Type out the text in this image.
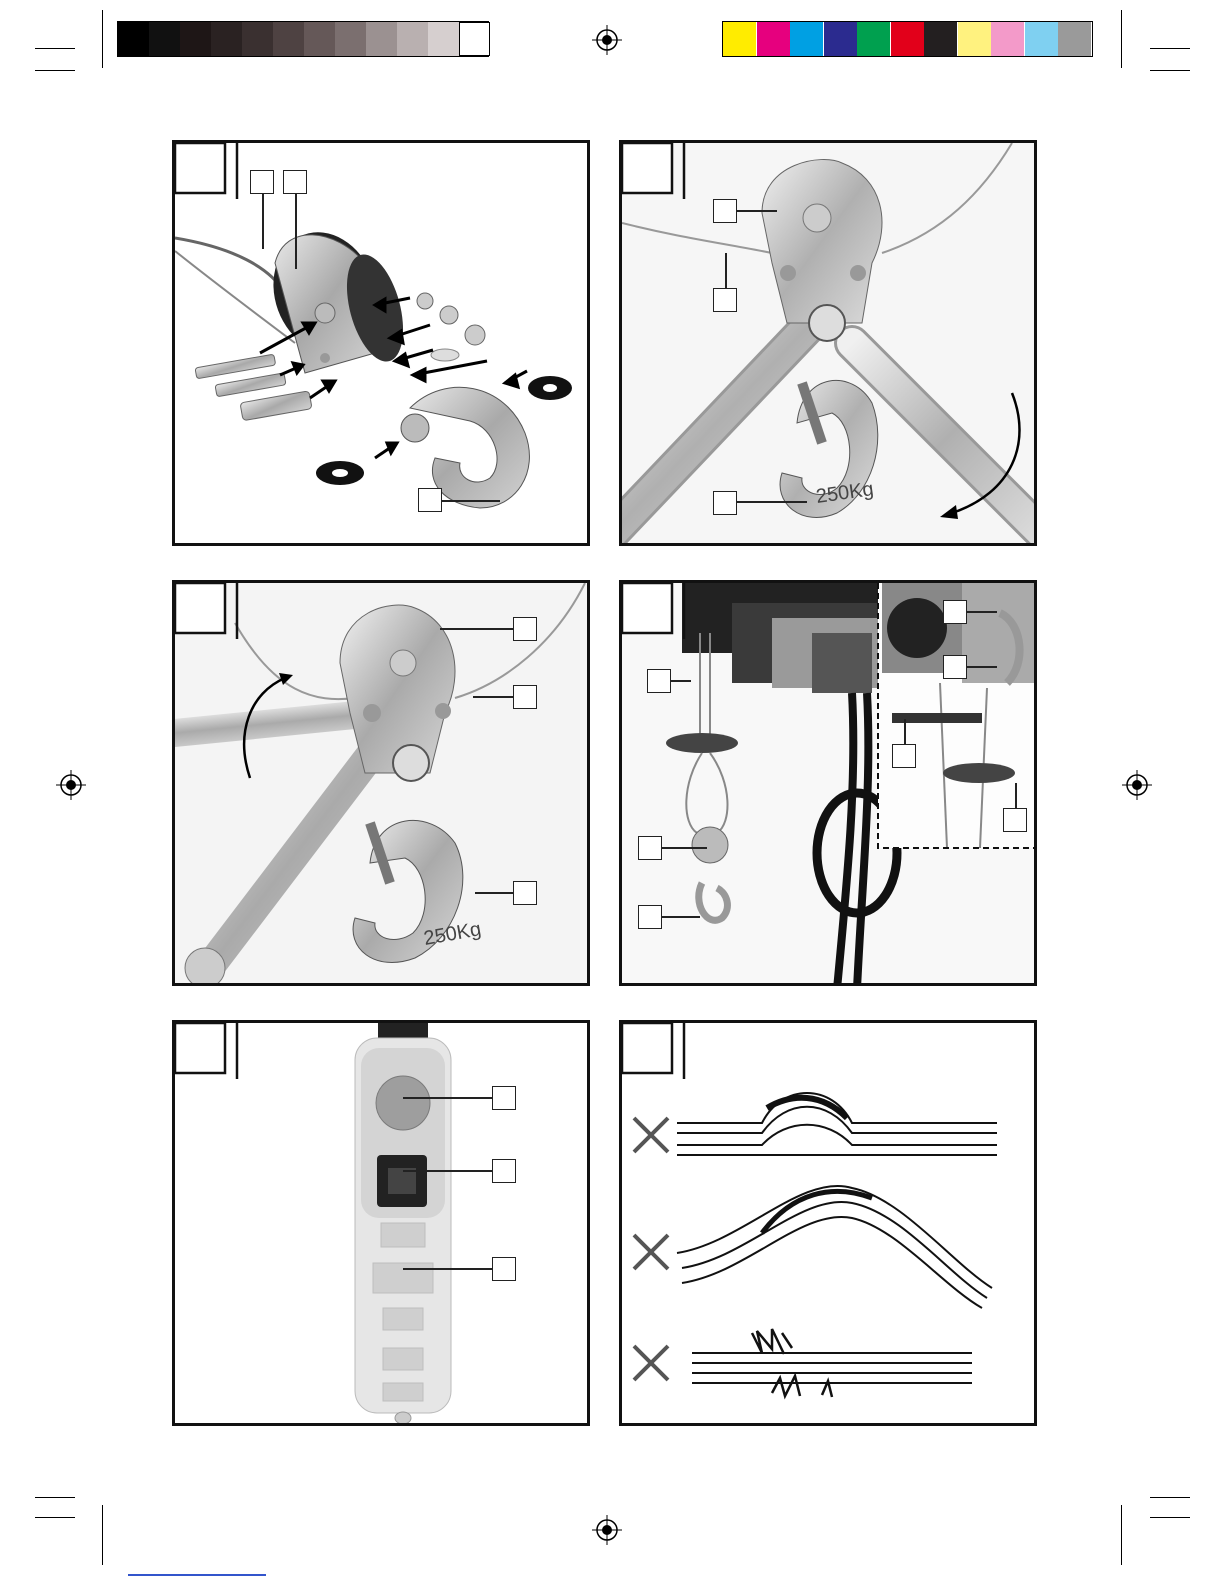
250Kg
250Kg
